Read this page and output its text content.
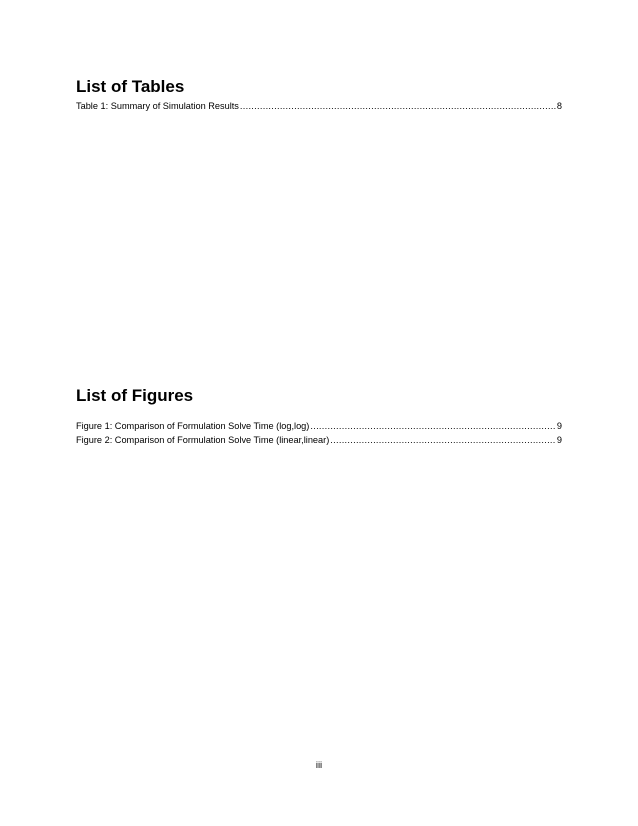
List of Tables
Table 1: Summary of Simulation Results .....	8
List of Figures
Figure 1: Comparison of Formulation Solve Time (log,log) .....	9
Figure 2: Comparison of Formulation Solve Time (linear,linear) .....	9
iii
